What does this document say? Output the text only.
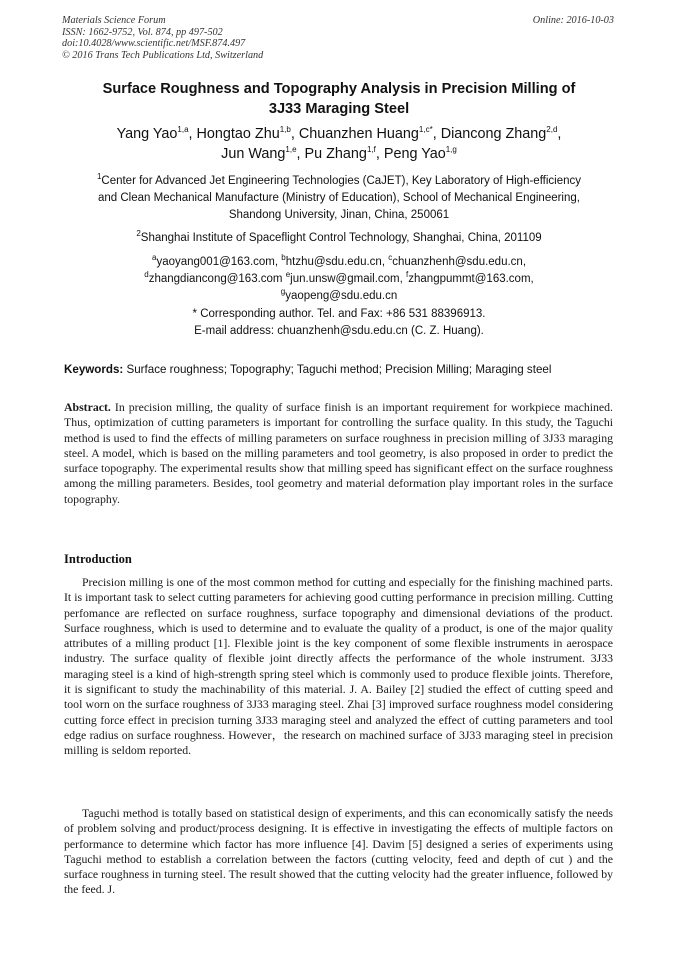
Materials Science Forum
ISSN: 1662-9752, Vol. 874, pp 497-502
doi:10.4028/www.scientific.net/MSF.874.497
© 2016 Trans Tech Publications Ltd, Switzerland
Online: 2016-10-03
Surface Roughness and Topography Analysis in Precision Milling of
3J33 Maraging Steel
Yang Yao$^{1,a}$, Hongtao Zhu$^{1,b}$, Chuanzhen Huang$^{1,c*}$, Diancong Zhang$^{2,d}$,
Jun Wang$^{1,e}$, Pu Zhang$^{1,f}$, Peng Yao$^{1,g}$
$^1$Center for Advanced Jet Engineering Technologies (CaJET), Key Laboratory of High-efficiency
and Clean Mechanical Manufacture (Ministry of Education), School of Mechanical Engineering,
Shandong University, Jinan, China, 250061
$^2$Shanghai Institute of Spaceflight Control Technology, Shanghai, China, 201109
$^a$yaoyang001@163.com, $^b$htzhu@sdu.edu.cn, $^c$chuanzhenh@sdu.edu.cn,
$^d$zhangdiancong@163.com $^e$jun.unsw@gmail.com, $^f$zhangpummt@163.com,
$^g$yaopeng@sdu.edu.cn
* Corresponding author. Tel. and Fax: +86 531 88396913.
E-mail address: chuanzhenh@sdu.edu.cn (C. Z. Huang).
Keywords: Surface roughness; Topography; Taguchi method; Precision Milling; Maraging steel

Abstract. In precision milling, the quality of surface finish is an important requirement for workpiece machined. Thus, optimization of cutting parameters is important for controlling the surface quality. In this study, the Taguchi method is used to find the effects of milling parameters on surface roughness in precision milling of 3J33 maraging steel. A model, which is based on the milling parameters and tool geometry, is also proposed in order to predict the surface topography. The experimental results show that milling speed has significant effect on the surface roughness among the milling parameters. Besides, tool geometry and material deformation play important roles in the surface topography.

Introduction

Precision milling is one of the most common method for cutting and especially for the finishing machined parts. It is important task to select cutting parameters for achieving good cutting performance in precision milling. Cutting perfomance are reflected on surface roughness, surface topography and dimensional deviations of the product. Surface roughness, which is used to determine and to evaluate the quality of a product, is one of the major quality attributes of a milling product [1]. Flexible joint is the key component of some flexible instruments in aerospace industry. The surface quality of flexible joint directly affects the performance of the whole instrument. 3J33 maraging steel is a kind of high-strength spring steel which is commonly used to produce flexible joints. Therefore, it is significant to study the machinability of this material. J. A. Bailey [2] studied the effect of cutting speed and tool worn on the surface roughness of 3J33 maraging steel. Zhai [3] improved surface roughness model considering cutting force effect in precision turning 3J33 maraging steel and analyzed the effect of cutting parameters and tool edge radius on surface roughness. However，the research on machined surface of 3J33 maraging steel in precision milling is seldom reported.

Taguchi method is totally based on statistical design of experiments, and this can economically satisfy the needs of problem solving and product/process designing. It is effective in investigating the effects of multiple factors on performance to determine which factor has more influence [4]. Davim [5] designed a series of experiments using Taguchi method to establish a correlation between the factors (cutting velocity, feed and depth of cut ) and the surface roughness in turning steel. The result showed that the cutting velocity had the greater influence, followed by the feed. J.
